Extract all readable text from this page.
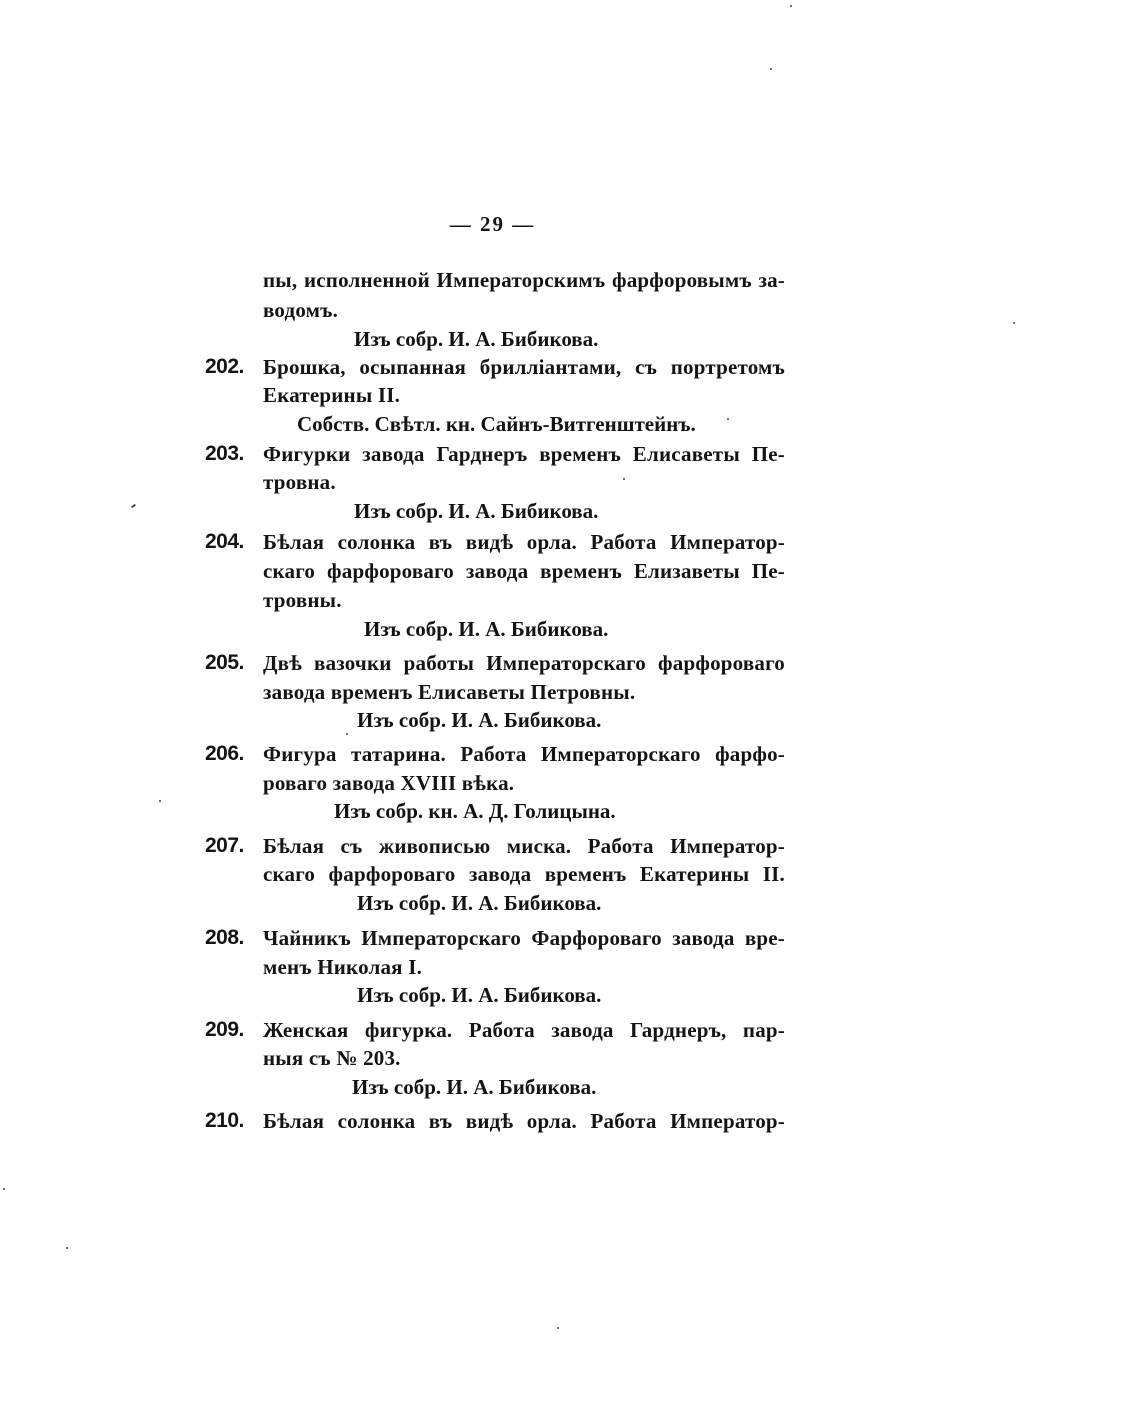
— 29 —
пы, исполненной Императорскимъ фарфоровымъ за-
водомъ.
Изъ собр. И. А. Бибикова.
202. Брошка, осыпанная брилліантами, съ портретомъ
Екатерины II.
Собств. Свѣтл. кн. Сайнъ-Витгенштейнъ.
203. Фигурки завода Гарднеръ временъ Елисаветы Пе-
тровна.
Изъ собр. И. А. Бибикова.
204. Бѣлая солонка въ видѣ орла. Работа Император-
скаго фарфороваго завода временъ Елизаветы Пе-
тровны.
Изъ собр. И. А. Бибикова.
205. Двѣ вазочки работы Императорскаго фарфороваго
завода временъ Елисаветы Петровны.
Изъ собр. И. А. Бибикова.
206. Фигура татарина. Работа Императорскаго фарфо-
роваго завода XVIII вѣка.
Изъ собр. кн. А. Д. Голицына.
207. Бѣлая съ живописью миска. Работа Император-
скаго фарфороваго завода временъ Екатерины II.
Изъ собр. И. А. Бибикова.
208. Чайникъ Императорскаго Фарфороваго завода вре-
менъ Николая I.
Изъ собр. И. А. Бибикова.
209. Женская фигурка. Работа завода Гарднеръ, пар-
ныя съ № 203.
Изъ собр. И. А. Бибикова.
210. Бѣлая солонка въ видѣ орла. Работа Император-
